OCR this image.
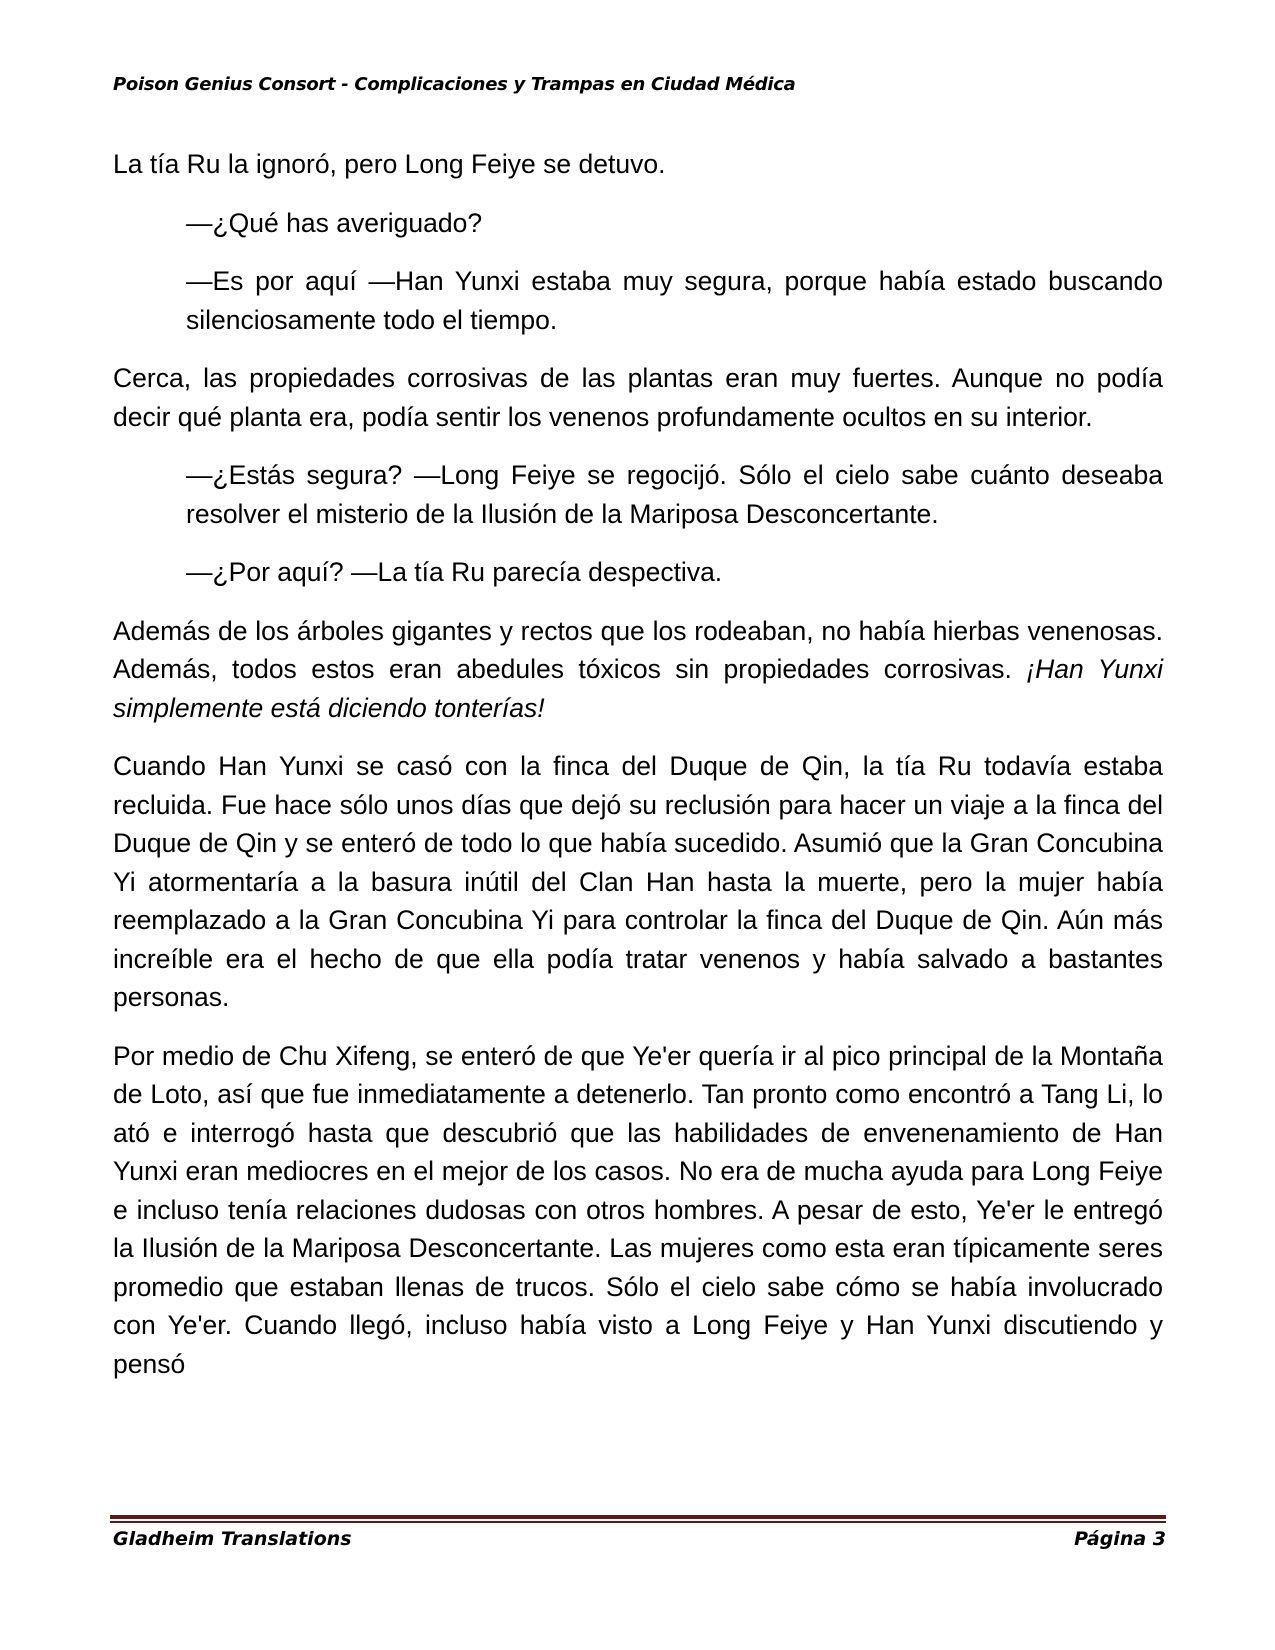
Poison Genius Consort - Complicaciones y Trampas en Ciudad Médica

La tía Ru la ignoró, pero Long Feiye se detuvo.

—¿Qué has averiguado?

—Es por aquí —Han Yunxi estaba muy segura, porque había estado buscando silenciosamente todo el tiempo.

Cerca, las propiedades corrosivas de las plantas eran muy fuertes. Aunque no podía decir qué planta era, podía sentir los venenos profundamente ocultos en su interior.

—¿Estás segura? —Long Feiye se regocijó. Sólo el cielo sabe cuánto deseaba resolver el misterio de la Ilusión de la Mariposa Desconcertante.

—¿Por aquí? —La tía Ru parecía despectiva.

Además de los árboles gigantes y rectos que los rodeaban, no había hierbas venenosas. Además, todos estos eran abedules tóxicos sin propiedades corrosivas. ¡Han Yunxi simplemente está diciendo tonterías!

Cuando Han Yunxi se casó con la finca del Duque de Qin, la tía Ru todavía estaba recluida. Fue hace sólo unos días que dejó su reclusión para hacer un viaje a la finca del Duque de Qin y se enteró de todo lo que había sucedido. Asumió que la Gran Concubina Yi atormentaría a la basura inútil del Clan Han hasta la muerte, pero la mujer había reemplazado a la Gran Concubina Yi para controlar la finca del Duque de Qin. Aún más increíble era el hecho de que ella podía tratar venenos y había salvado a bastantes personas.

Por medio de Chu Xifeng, se enteró de que Ye'er quería ir al pico principal de la Montaña de Loto, así que fue inmediatamente a detenerlo. Tan pronto como encontró a Tang Li, lo ató e interrogó hasta que descubrió que las habilidades de envenenamiento de Han Yunxi eran mediocres en el mejor de los casos. No era de mucha ayuda para Long Feiye e incluso tenía relaciones dudosas con otros hombres. A pesar de esto, Ye'er le entregó la Ilusión de la Mariposa Desconcertante. Las mujeres como esta eran típicamente seres promedio que estaban llenas de trucos. Sólo el cielo sabe cómo se había involucrado con Ye'er. Cuando llegó, incluso había visto a Long Feiye y Han Yunxi discutiendo y pensó

Gladheim Translations	Página 3
